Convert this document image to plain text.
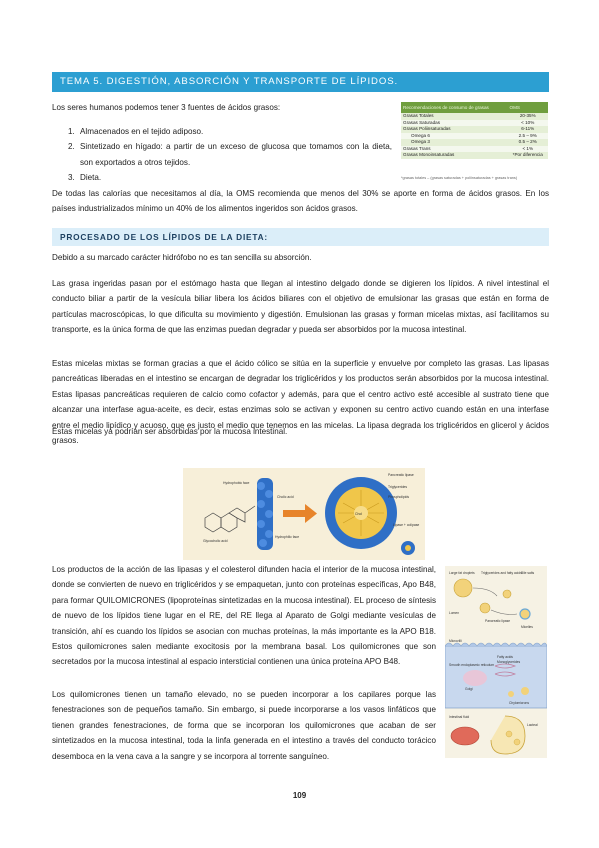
TEMA 5. DIGESTIÓN, ABSORCIÓN Y TRANSPORTE DE LÍPIDOS.
Los seres humanos podemos tener 3 fuentes de ácidos grasos:
1. Almacenados en el tejido adiposo.
2. Sintetizado en hígado: a partir de un exceso de glucosa que tomamos con la dieta, son exportados a otros tejidos.
3. Dieta.
Recomendaciones de consumo de grasas	OMS
Grasas Totales	20-35%
Grasas Saturadas	< 10%
Grasas Poliinsaturadas	6-11%
Omega 6	2.5 – 9%
Omega 3	0.5 – 2%
Grasas Trans	< 1%
Grasas Monoinsaturadas	*Por diferencia
*grasas totales – (grasas saturadas + poliinsaturadas + grasas trans)
De todas las calorías que necesitamos al día, la OMS recomienda que menos del 30% se aporte en forma de ácidos grasos. En los países industrializados mínimo un 40% de los alimentos ingeridos son ácidos grasos.
PROCESADO DE LOS LÍPIDOS DE LA DIETA:
Debido a su marcado carácter hidrófobo no es tan sencilla su absorción.
Las grasa ingeridas pasan por el estómago hasta que llegan al intestino delgado donde se digieren los lípidos. A nivel intestinal el conducto biliar a partir de la vesícula biliar libera los ácidos biliares con el objetivo de emulsionar las grasas que están en forma de partículas macroscópicas, lo que dificulta su movimiento y digestión. Emulsionan las grasas y forman micelas mixtas, así facilitamos su transporte, es la única forma de que las enzimas puedan degradar y pueda ser absorbidos por la mucosa intestinal.
Estas micelas mixtas se forman gracias a que el ácido cólico se sitúa en la superficie y envuelve por completo las grasas. Las lipasas pancreáticas liberadas en el intestino se encargan de degradar los triglicéridos y los productos serán absorbidos por la mucosa intestinal. Estas lipasas pancreáticas requieren de calcio como cofactor y además, para que el centro activo esté accesible al sustrato tiene que alcanzar una interfase agua-aceite, es decir, estas enzimas solo se activan y exponen su centro activo cuando están en una interfase entre el medio lipídico y acuoso, que es justo el medio que tenemos en las micelas. La lipasa degrada los triglicéridos en glicerol y ácidos grasos.
Estas micelas ya podrían ser absorbidas por la mucosa intestinal.
Hydrophobic face
Hydrophilic face
Glycocholic acid
Pancreatic lipase
Cholic acid
Lipase + colipase
Chol
Triglycerides
Phospholipids
Los productos de la acción de las lipasas y el colesterol difunden hacia el interior de la mucosa intestinal, donde se convierten de nuevo en triglicéridos y se empaquetan, junto con proteínas específicas, Apo B48, para formar QUILOMICRONES (lipoproteínas sintetizadas en la mucosa intestinal). EL proceso de síntesis de nuevo de los lípidos tiene lugar en el RE, del RE llega al Aparato de Golgi mediante vesículas de transición, ahí es cuando los lípidos se asocian con muchas proteínas, la más importante es la APO B18. Estos quilomicrones salen mediante exocitosis por la membrana basal. Los quilomicrones que son secretados por la mucosa intestinal al espacio intersticial contienen una única proteína APO B48.
Los quilomicrones tienen un tamaño elevado, no se pueden incorporar a los capilares porque las fenestraciones son de pequeños tamaño. Sin embargo, si puede incorporarse a los vasos linfáticos que tienen grandes fenestraciones, de forma que se incorporan los quilomicrones que acaban de ser sintetizados en la mucosa intestinal, toda la linfa generada en el intestino a través del conducto torácico desemboca en la vena cava a la sangre y se incorpora al torrente sanguíneo.
Large fat droplets Triglycerides and fatty acids Bile salts
Micelles
Lumen
Pancreatic lipase
Microvilli
Fatty acids
Monoglycerides
Smooth endoplasmic reticulum
Chylomicrons
Golgi
Lacteal
Intestinal fluid
109
